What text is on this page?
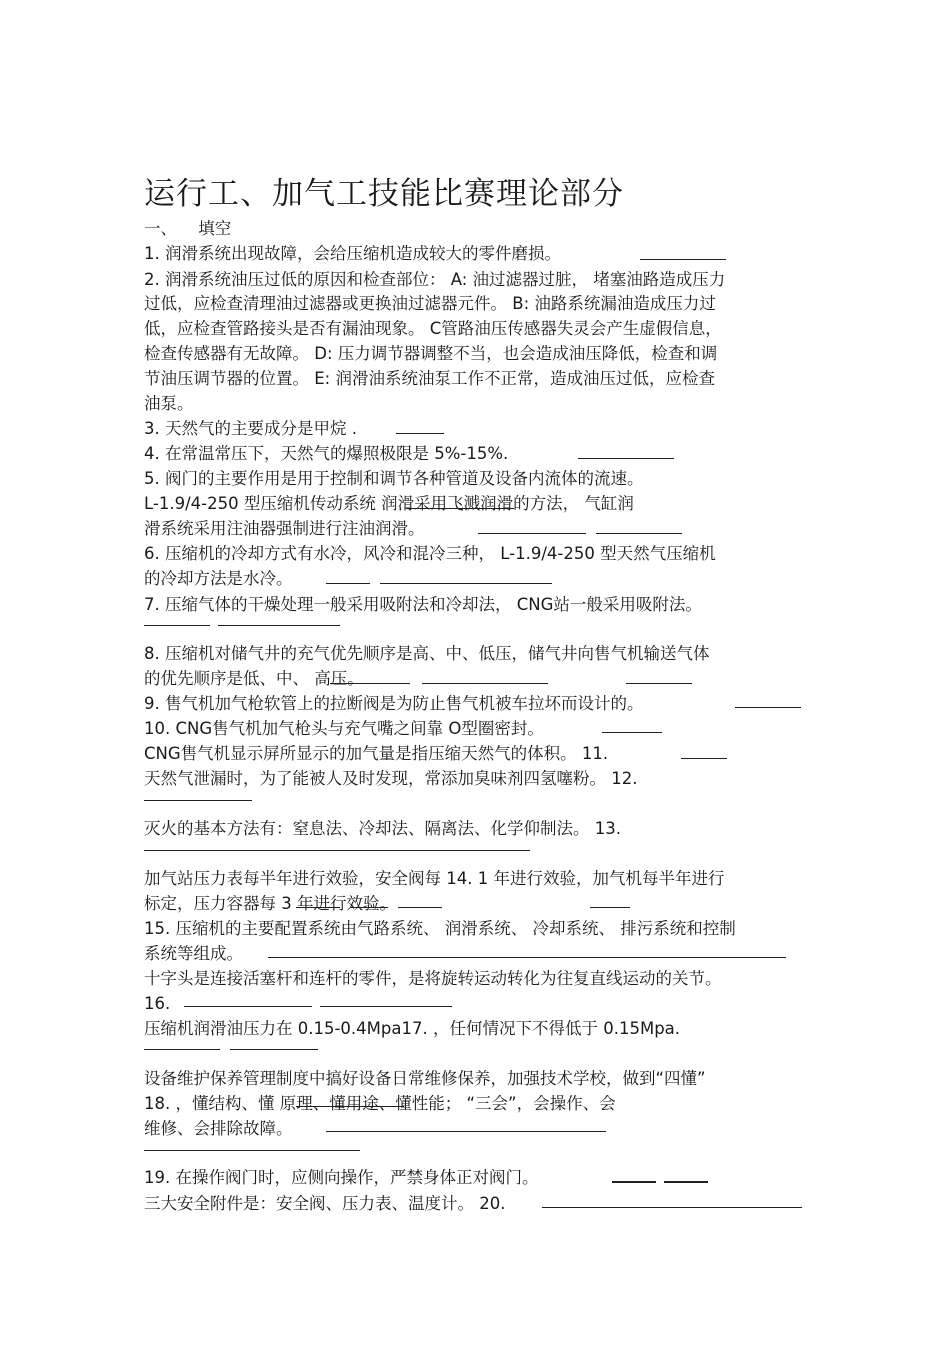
运行工、加气工技能比赛理论部分
一、 填空
1. 润滑系统出现故障，会给压缩机造成较大的零件磨损。
2. 润滑系统油压过低的原因和检查部位： A: 油过滤器过脏， 堵塞油路造成压力
过低，应检查清理油过滤器或更换油过滤器元件。 B: 油路系统漏油造成压力过
低，应检查管路接头是否有漏油现象。 C管路油压传感器失灵会产生虚假信息，
检查传感器有无故障。 D: 压力调节器调整不当，也会造成油压降低，检查和调
节油压调节器的位置。 E: 润滑油系统油泵工作不正常，造成油压过低，应检查
油泵。
3. 天然气的主要成分是甲烷 .
4. 在常温常压下，天然气的爆照极限是 5%-15%.
5. 阀门的主要作用是用于控制和调节各种管道及设备内流体的流速。
L-1.9/4-250 型压缩机传动系统 润滑采用飞溅润滑的方法， 气缸润
滑系统采用注油器强制进行注油润滑。
6. 压缩机的冷却方式有水冷，风冷和混冷三种， L-1.9/4-250 型天然气压缩机
的冷却方法是水冷。
7. 压缩气体的干燥处理一般采用吸附法和冷却法， CNG站一般采用吸附法。
8. 压缩机对储气井的充气优先顺序是高、中、低压，储气井向售气机输送气体
的优先顺序是低、中、 高压。
9. 售气机加气枪软管上的拉断阀是为防止售气机被车拉坏而设计的。
10. CNG售气机加气枪头与充气嘴之间靠 O型圈密封。
CNG售气机显示屏所显示的加气量是指压缩天然气的体积。 11.
天然气泄漏时，为了能被人及时发现，常添加臭味剂四氢噻粉。 12.
灭火的基本方法有：窒息法、冷却法、隔离法、化学仰制法。 13.
加气站压力表每半年进行效验，安全阀每 14. 1 年进行效验，加气机每半年进行
标定，压力容器每 3 年进行效验。
15. 压缩机的主要配置系统由气路系统、 润滑系统、 冷却系统、 排污系统和控制
系统等组成。
十字头是连接活塞杆和连杆的零件，是将旋转运动转化为往复直线运动的关节。
16.
压缩机润滑油压力在 0.15-0.4Mpa17. ，任何情况下不得低于 0.15Mpa.
设备维护保养管理制度中搞好设备日常维修保养，加强技术学校，做到“四懂”
18. ，懂结构、懂 原理、懂用途、懂性能； “三会”，会操作、会
维修、会排除故障。
19. 在操作阀门时，应侧向操作，严禁身体正对阀门。
三大安全附件是：安全阀、压力表、温度计。 20.
